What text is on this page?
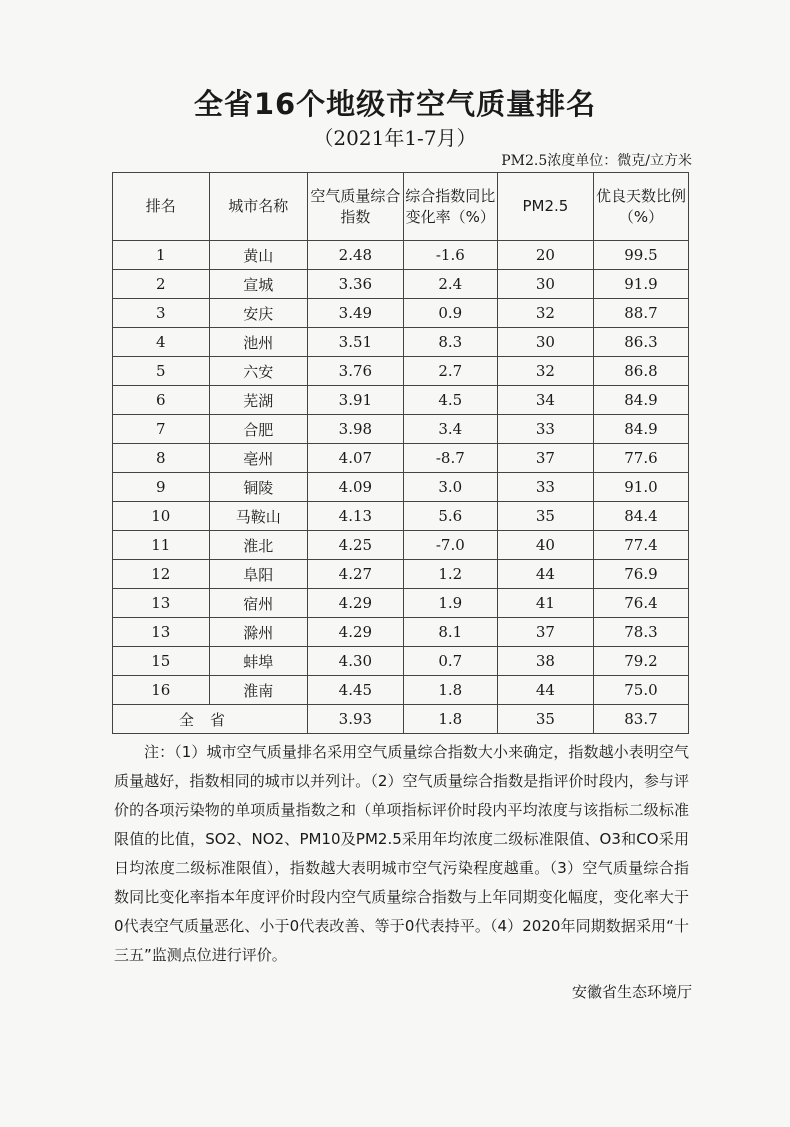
全省16个地级市空气质量排名
（2021年1-7月）
PM2.5浓度单位：微克/立方米
排名	城市名称	空气质量综合指数	综合指数同比变化率（%）	PM2.5	优良天数比例（%）
1	黄山	2.48	-1.6	20	99.5
2	宣城	3.36	2.4	30	91.9
3	安庆	3.49	0.9	32	88.7
4	池州	3.51	8.3	30	86.3
5	六安	3.76	2.7	32	86.8
6	芜湖	3.91	4.5	34	84.9
7	合肥	3.98	3.4	33	84.9
8	亳州	4.07	-8.7	37	77.6
9	铜陵	4.09	3.0	33	91.0
10	马鞍山	4.13	5.6	35	84.4
11	淮北	4.25	-7.0	40	77.4
12	阜阳	4.27	1.2	44	76.9
13	宿州	4.29	1.9	41	76.4
13	滁州	4.29	8.1	37	78.3
15	蚌埠	4.30	0.7	38	79.2
16	淮南	4.45	1.8	44	75.0
全省		3.93	1.8	35	83.7
注：（1）城市空气质量排名采用空气质量综合指数大小来确定，指数越小表明空气质量越好，指数相同的城市以并列计。（2）空气质量综合指数是指评价时段内，参与评价的各项污染物的单项质量指数之和（单项指标评价时段内平均浓度与该指标二级标准限值的比值，SO2、NO2、PM10及PM2.5采用年均浓度二级标准限值、O3和CO采用日均浓度二级标准限值），指数越大表明城市空气污染程度越重。（3）空气质量综合指数同比变化率指本年度评价时段内空气质量综合指数与上年同期变化幅度，变化率大于0代表空气质量恶化、小于0代表改善、等于0代表持平。（4）2020年同期数据采用“十三五”监测点位进行评价。
安徽省生态环境厅
